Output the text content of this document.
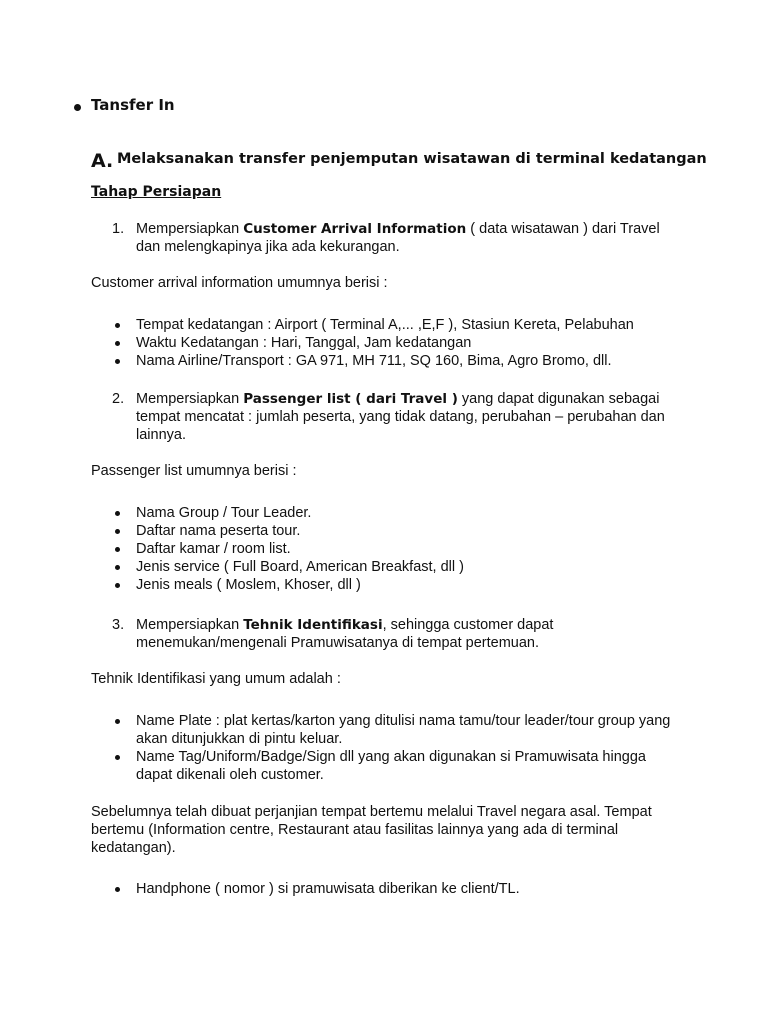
Tansfer In
A. Melaksanakan transfer penjemputan wisatawan di terminal kedatangan
Tahap Persiapan
1. Mempersiapkan Customer Arrival Information ( data wisatawan ) dari Travel dan melengkapinya jika ada kekurangan.
Customer arrival information umumnya berisi :
Tempat kedatangan : Airport ( Terminal A,... ,E,F ), Stasiun Kereta, Pelabuhan
Waktu Kedatangan : Hari, Tanggal, Jam kedatangan
Nama Airline/Transport : GA 971, MH 711, SQ 160, Bima, Agro Bromo, dll.
2. Mempersiapkan Passenger list ( dari Travel ) yang dapat digunakan sebagai tempat mencatat : jumlah peserta, yang tidak datang, perubahan – perubahan dan lainnya.
Passenger list umumnya berisi :
Nama Group / Tour Leader.
Daftar nama peserta tour.
Daftar kamar / room list.
Jenis service ( Full Board, American Breakfast, dll )
Jenis meals ( Moslem, Khoser, dll )
3. Mempersiapkan Tehnik Identifikasi, sehingga customer dapat menemukan/mengenali Pramuwisatanya di tempat pertemuan.
Tehnik Identifikasi yang umum adalah :
Name Plate : plat kertas/karton yang ditulisi nama tamu/tour leader/tour group yang akan ditunjukkan di pintu keluar.
Name Tag/Uniform/Badge/Sign dll yang akan digunakan si Pramuwisata hingga dapat dikenali oleh customer.
Sebelumnya telah dibuat perjanjian tempat bertemu melalui Travel negara asal. Tempat bertemu (Information centre, Restaurant atau fasilitas lainnya yang ada di terminal kedatangan).
Handphone ( nomor ) si pramuwisata diberikan ke client/TL.
